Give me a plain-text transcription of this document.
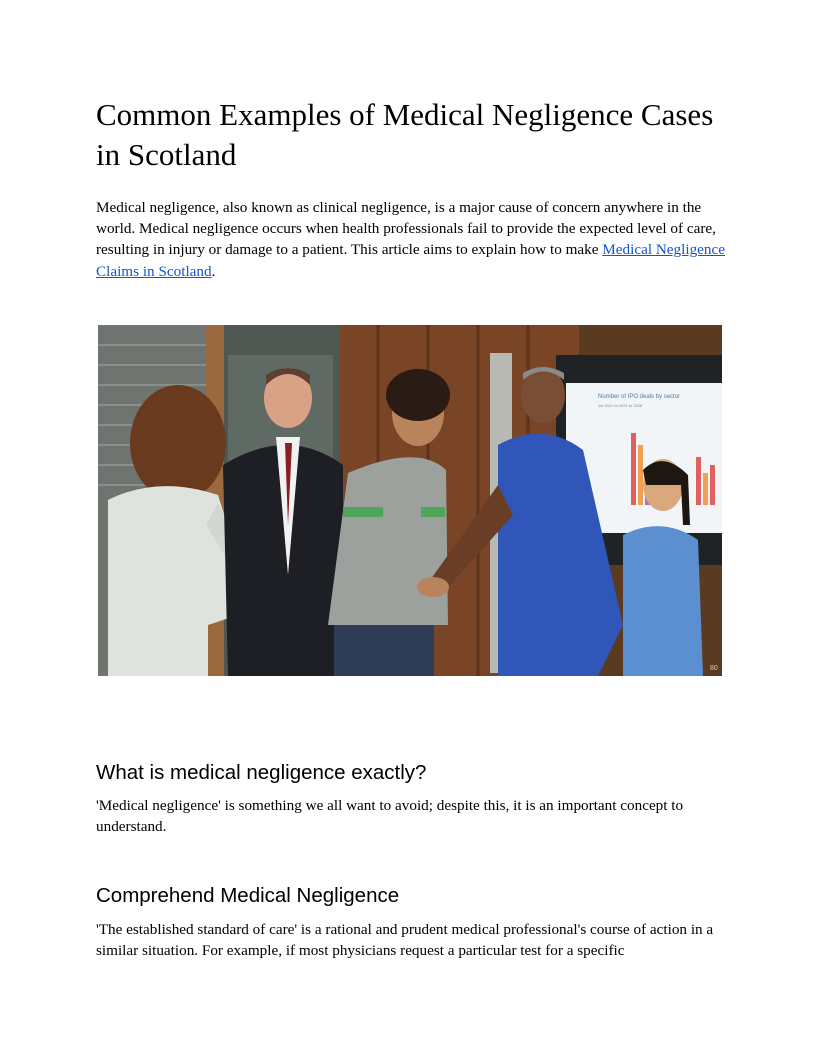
Common Examples of Medical Negligence Cases in Scotland

Medical negligence, also known as clinical negligence, is a major cause of concern anywhere in the world. Medical negligence occurs when health professionals fail to provide the expected level of care, resulting in injury or damage to a patient. This article aims to explain how to make Medical Negligence Claims in Scotland.

Number of IPO deals by sector
1st 2021 to 2021 to 2026
80
What is medical negligence exactly?

'Medical negligence' is something we all want to avoid; despite this, it is an important concept to understand.

Comprehend Medical Negligence

'The established standard of care' is a rational and prudent medical professional's course of action in a similar situation. For example, if most physicians request a particular test for a specific
